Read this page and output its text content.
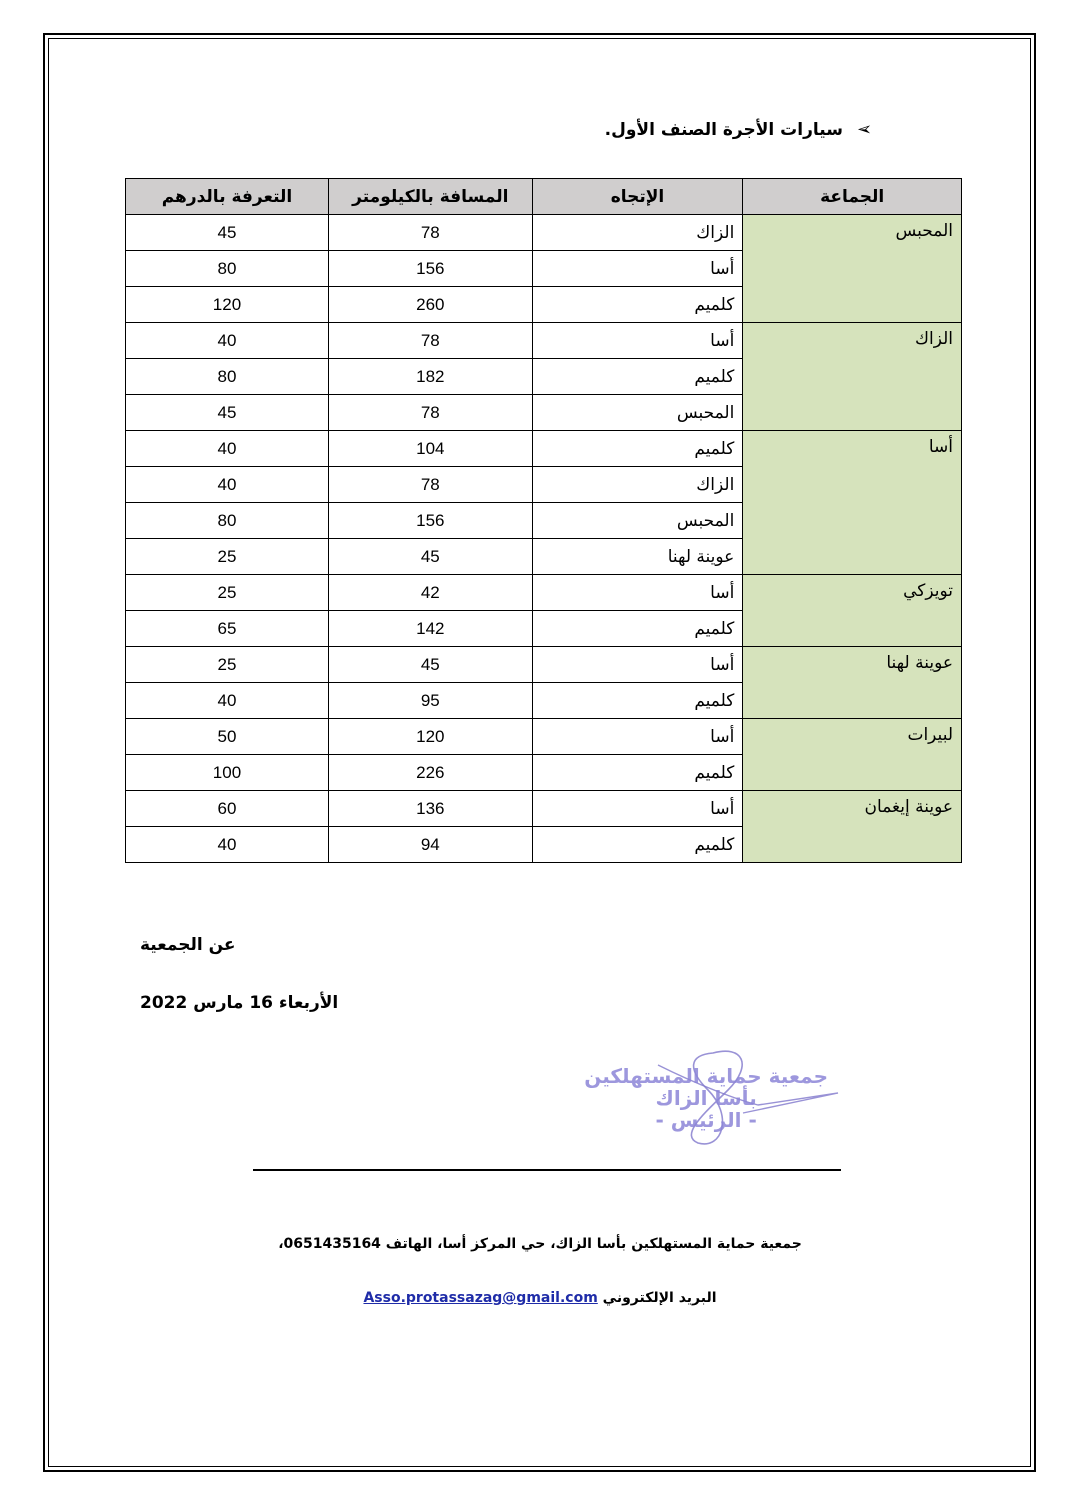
➢
سيارات الأجرة الصنف الأول.
الجماعة	الإتجاه	المسافة بالكيلومتر	التعرفة بالدرهم
المحبس	الزاك	78	45
	أسا	156	80
	كلميم	260	120
الزاك	أسا	78	40
	كلميم	182	80
	المحبس	78	45
أسا	كلميم	104	40
	الزاك	78	40
	المحبس	156	80
	عوينة لهنا	45	25
تويزكي	أسا	42	25
	كلميم	142	65
عوينة لهنا	أسا	45	25
	كلميم	95	40
لبيرات	أسا	120	50
	كلميم	226	100
عوينة إيغمان	أسا	136	60
	كلميم	94	40
عن الجمعية
الأربعاء 16 مارس 2022
جمعية حماية المستهلكين
بأسا الزاك
- الرئيس -
جمعية حماية المستهلكين بأسا الزاك، حي المركز أسا، الهاتف 0651435164،
البريد الإلكتروني Asso.protassazag@gmail.com
